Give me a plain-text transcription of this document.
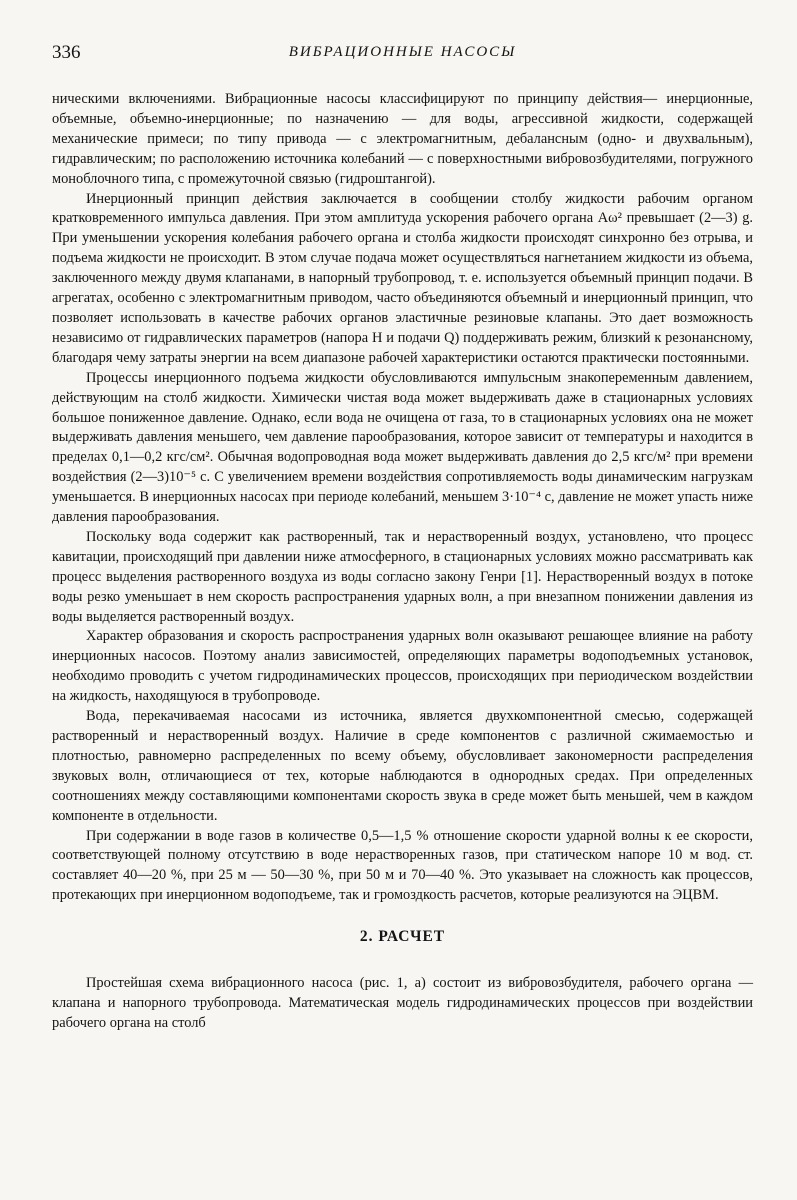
336	ВИБРАЦИОННЫЕ НАСОСЫ

ническими включениями. Вибрационные насосы классифицируют по принципу действия— инерционные, объемные, объемно-инерционные; по назначению — для воды, агрессивной жидкости, содержащей механические примеси; по типу привода — с электромагнитным, дебалансным (одно- и двухвальным), гидравлическим; по расположению источника колебаний — с поверхностными вибровозбудителями, погружного моноблочного типа, с промежуточной связью (гидроштангой).

Инерционный принцип действия заключается в сообщении столбу жидкости рабочим органом кратковременного импульса давления. При этом амплитуда ускорения рабочего органа Aω² превышает (2—3) g. При уменьшении ускорения колебания рабочего органа и столба жидкости происходят синхронно без отрыва, и подъема жидкости не происходит. В этом случае подача может осуществляться нагнетанием жидкости из объема, заключенного между двумя клапанами, в напорный трубопровод, т. е. используется объемный принцип подачи. В агрегатах, особенно с электромагнитным приводом, часто объединяются объемный и инерционный принцип, что позволяет использовать в качестве рабочих органов эластичные резиновые клапаны. Это дает возможность независимо от гидравлических параметров (напора H и подачи Q) поддерживать режим, близкий к резонансному, благодаря чему затраты энергии на всем диапазоне рабочей характеристики остаются практически постоянными.

Процессы инерционного подъема жидкости обусловливаются импульсным знакопеременным давлением, действующим на столб жидкости. Химически чистая вода может выдерживать даже в стационарных условиях большое пониженное давление. Однако, если вода не очищена от газа, то в стационарных условиях она не может выдерживать давления меньшего, чем давление парообразования, которое зависит от температуры и находится в пределах 0,1—0,2 кгс/см². Обычная водопроводная вода может выдерживать давления до 2,5 кгс/м² при времени воздействия (2—3)10⁻⁵ с. С увеличением времени воздействия сопротивляемость воды динамическим нагрузкам уменьшается. В инерционных насосах при периоде колебаний, меньшем 3·10⁻⁴ с, давление не может упасть ниже давления парообразования.

Поскольку вода содержит как растворенный, так и нерастворенный воздух, установлено, что процесс кавитации, происходящий при давлении ниже атмосферного, в стационарных условиях можно рассматривать как процесс выделения растворенного воздуха из воды согласно закону Генри [1]. Нерастворенный воздух в потоке воды резко уменьшает в нем скорость распространения ударных волн, а при внезапном понижении давления из воды выделяется растворенный воздух.

Характер образования и скорость распространения ударных волн оказывают решающее влияние на работу инерционных насосов. Поэтому анализ зависимостей, определяющих параметры водоподъемных установок, необходимо проводить с учетом гидродинамических процессов, происходящих при периодическом воздействии на жидкость, находящуюся в трубопроводе.

Вода, перекачиваемая насосами из источника, является двухкомпонентной смесью, содержащей растворенный и нерастворенный воздух. Наличие в среде компонентов с различной сжимаемостью и плотностью, равномерно распределенных по всему объему, обусловливает закономерности распределения звуковых волн, отличающиеся от тех, которые наблюдаются в однородных средах. При определенных соотношениях между составляющими компонентами скорость звука в среде может быть меньшей, чем в каждом компоненте в отдельности.

При содержании в воде газов в количестве 0,5—1,5 % отношение скорости ударной волны к ее скорости, соответствующей полному отсутствию в воде нерастворенных газов, при статическом напоре 10 м вод. ст. составляет 40—20 %, при 25 м — 50—30 %, при 50 м и 70—40 %. Это указывает на сложность как процессов, протекающих при инерционном водоподъеме, так и громоздкость расчетов, которые реализуются на ЭЦВМ.

2. РАСЧЕТ

Простейшая схема вибрационного насоса (рис. 1, а) состоит из вибровозбудителя, рабочего органа — клапана и напорного трубопровода. Математическая модель гидродинамических процессов при воздействии рабочего органа на столб
